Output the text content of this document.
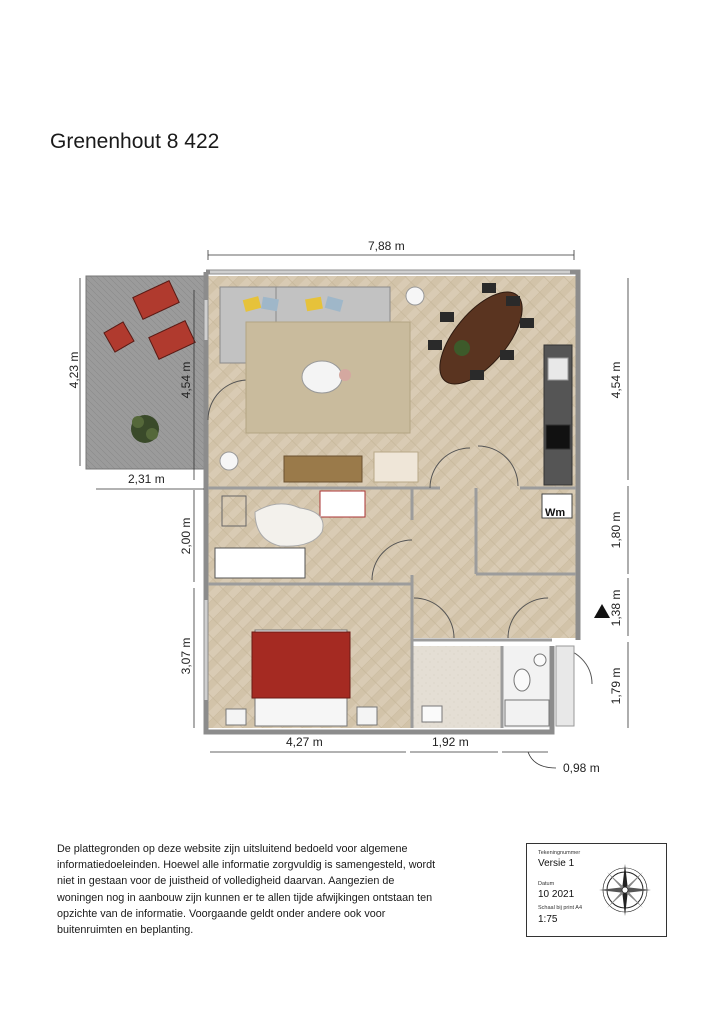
Grenenhout 8 422
Wm
7,88 m
4,23 m	4,54 m	4,54 m
2,31 m
2,00 m	1,80 m
1,38 m
3,07 m
1,79 m
4,27 m	1,92 m
0,98 m
De plattegronden op deze website zijn uitsluitend bedoeld voor algemene
informatiedoeleinden. Hoewel alle informatie zorgvuldig is samengesteld, wordt
niet in gestaan voor de juistheid of volledigheid daarvan. Aangezien de
woningen nog in aanbouw zijn kunnen er te allen tijde afwijkingen ontstaan ten
opzichte van de informatie. Voorgaande geldt onder andere ook voor
buitenruimten en beplanting.
Tekeningnummer
Versie 1
Datum
10 2021
Schaal bij print A4
1:75
